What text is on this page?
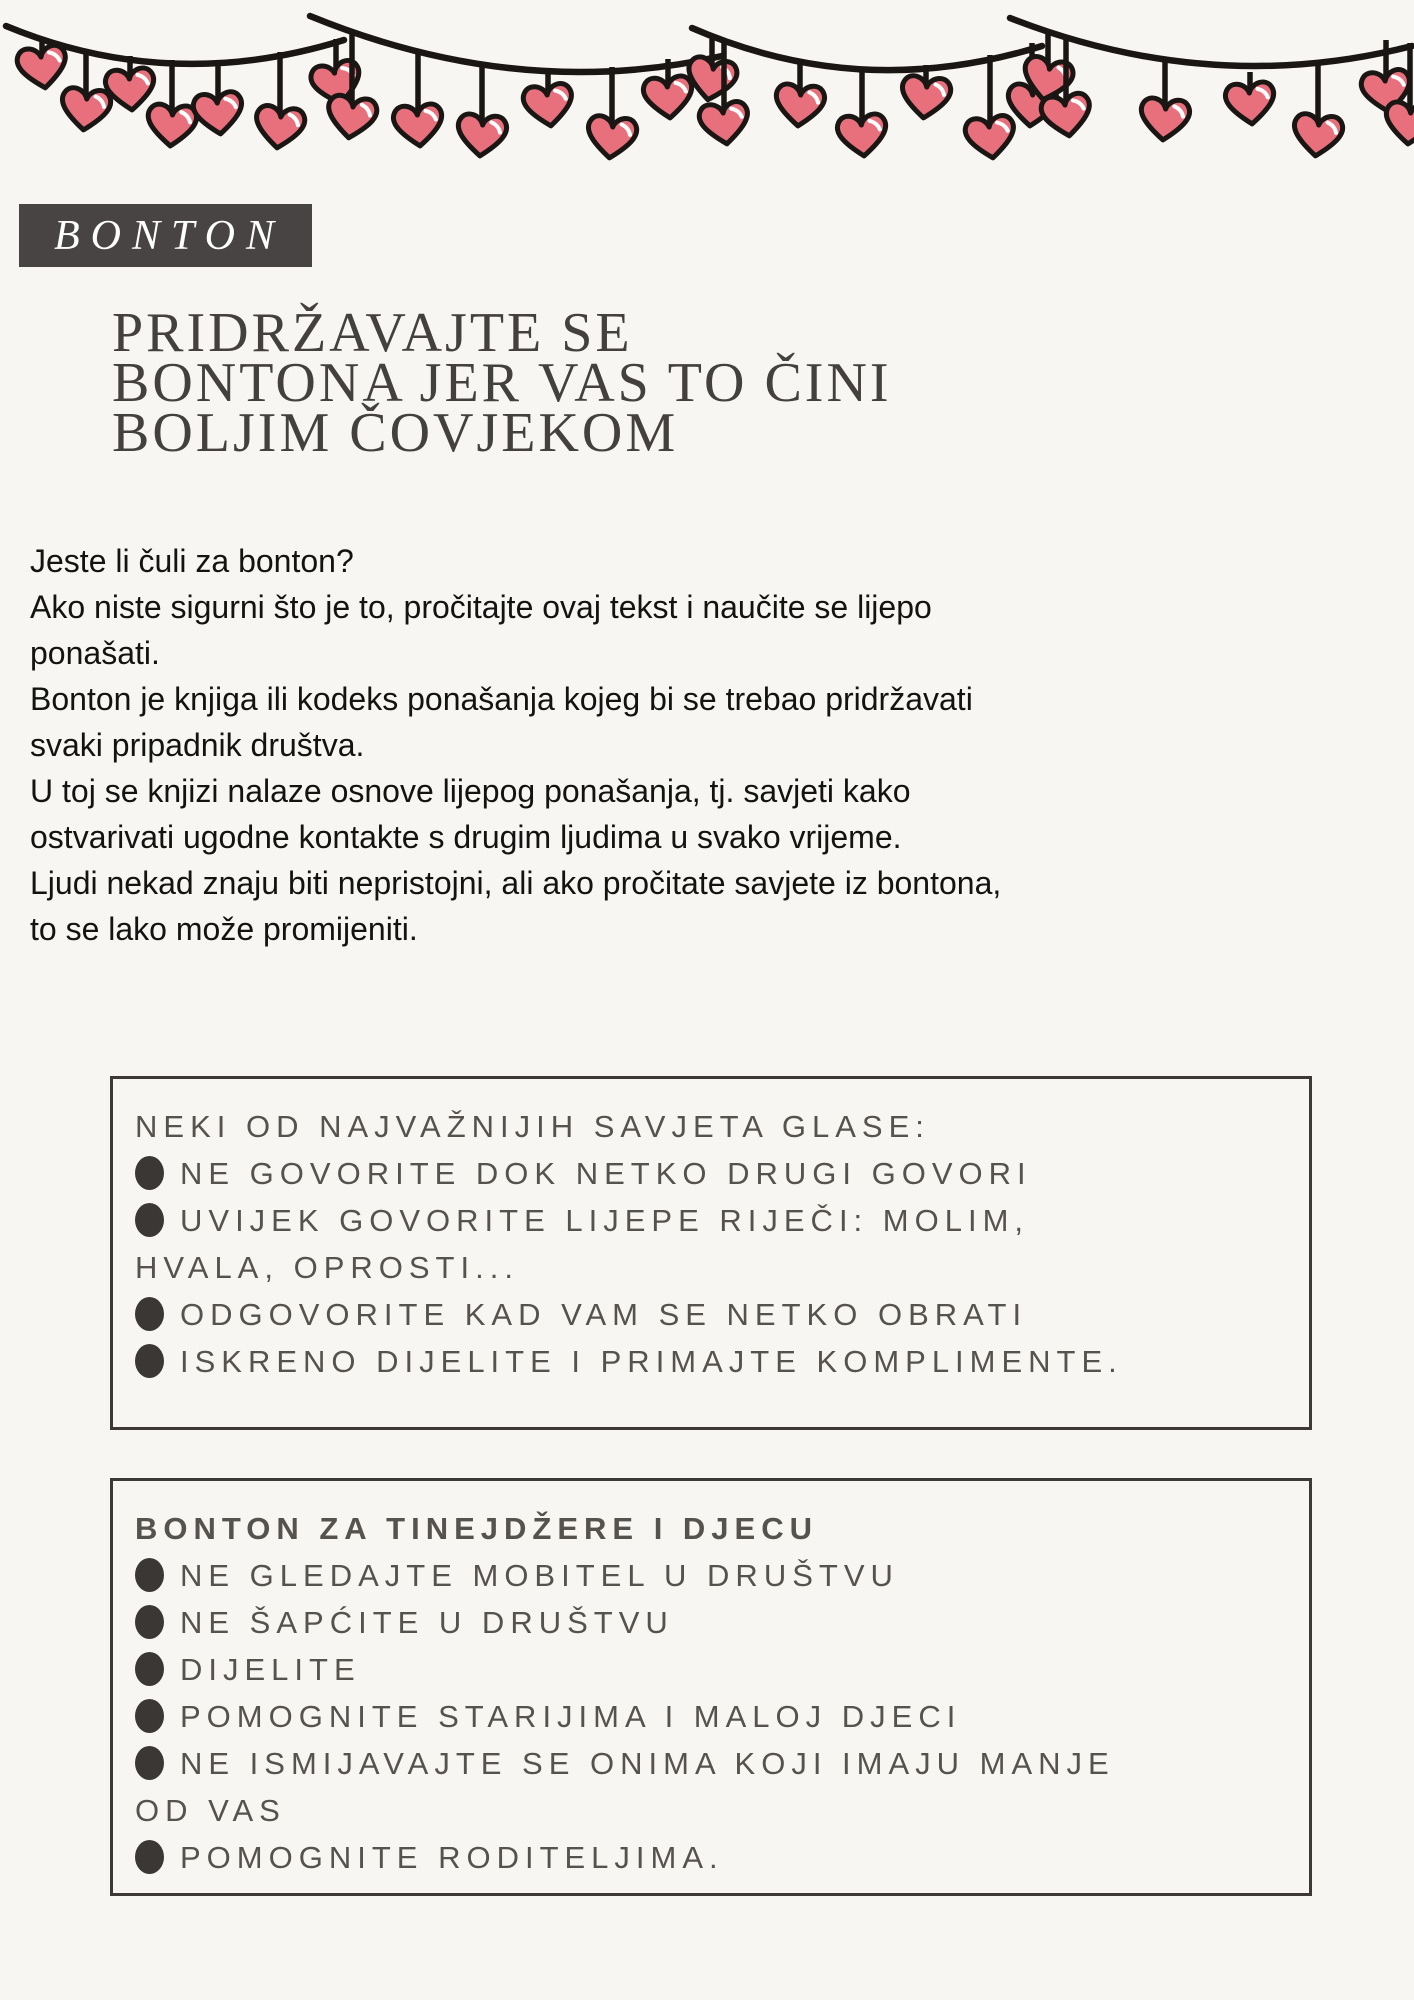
BONTON
PRIDRŽAVAJTE SE
BONTONA JER VAS TO ČINI
BOLJIM ČOVJEKOM
Jeste li čuli za bonton?
Ako niste sigurni što je to, pročitajte ovaj tekst i naučite se lijepo
ponašati.
Bonton je knjiga ili kodeks ponašanja kojeg bi se trebao pridržavati
svaki pripadnik društva.
U toj se knjizi nalaze osnove lijepog ponašanja, tj. savjeti kako
ostvarivati ugodne kontakte s drugim ljudima u svako vrijeme.
Ljudi nekad znaju biti nepristojni, ali ako pročitate savjete iz bontona,
to se lako može promijeniti.
NEKI OD NAJVAŽNIJIH SAVJETA GLASE:
NE GOVORITE DOK NETKO DRUGI GOVORI
UVIJEK GOVORITE LIJEPE RIJEČI: MOLIM,
HVALA, OPROSTI...
ODGOVORITE KAD VAM SE NETKO OBRATI
ISKRENO DIJELITE I PRIMAJTE KOMPLIMENTE.
BONTON ZA TINEJDŽERE I DJECU
NE GLEDAJTE MOBITEL U DRUŠTVU
NE ŠAPĆITE U DRUŠTVU
DIJELITE
POMOGNITE STARIJIMA I MALOJ DJECI
NE ISMIJAVAJTE SE ONIMA KOJI IMAJU MANJE
OD VAS
POMOGNITE RODITELJIMA.
